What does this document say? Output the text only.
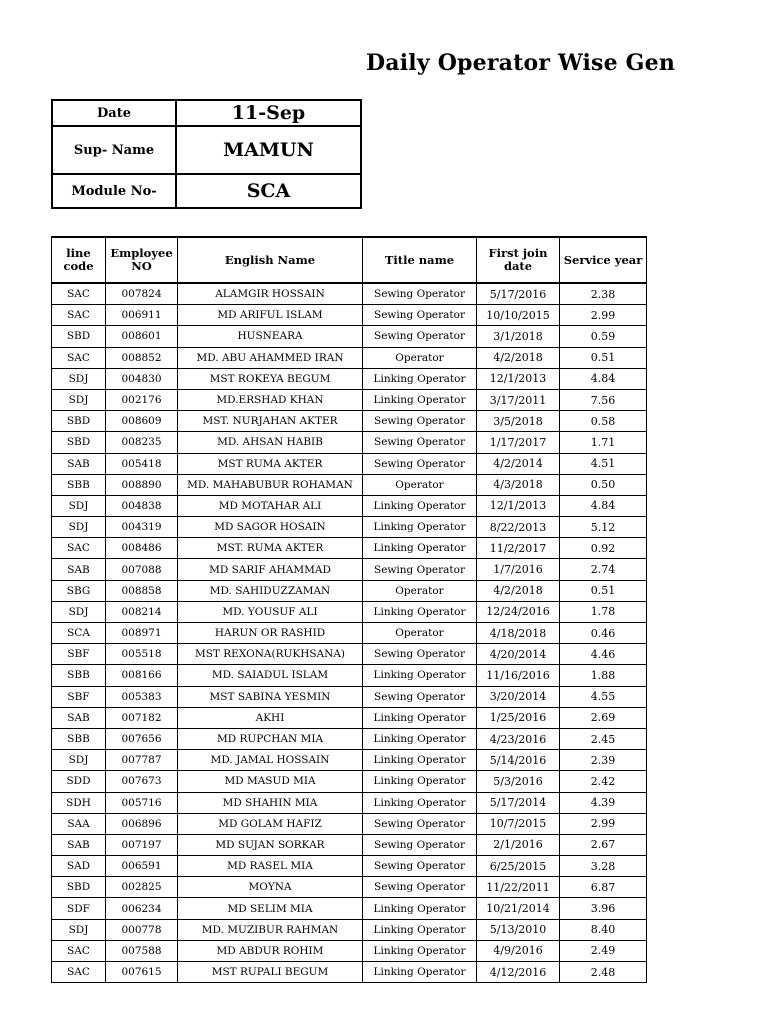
Daily Operator Wise Gen
Date	11-Sep
Sup- Name	MAMUN
Module No-	SCA
line code	Employee NO	English Name	Title name	First join date	Service year
SAC	007824	ALAMGIR HOSSAIN	Sewing Operator	5/17/2016	2.38
SAC	006911	MD ARIFUL ISLAM	Sewing Operator	10/10/2015	2.99
SBD	008601	HUSNEARA	Sewing Operator	3/1/2018	0.59
SAC	008852	MD. ABU AHAMMED IRAN	Operator	4/2/2018	0.51
SDJ	004830	MST ROKEYA BEGUM	Linking Operator	12/1/2013	4.84
SDJ	002176	MD.ERSHAD KHAN	Linking Operator	3/17/2011	7.56
SBD	008609	MST. NURJAHAN AKTER	Sewing Operator	3/5/2018	0.58
SBD	008235	MD. AHSAN HABIB	Sewing Operator	1/17/2017	1.71
SAB	005418	MST RUMA AKTER	Sewing Operator	4/2/2014	4.51
SBB	008890	MD. MAHABUBUR ROHAMAN	Operator	4/3/2018	0.50
SDJ	004838	MD MOTAHAR ALI	Linking Operator	12/1/2013	4.84
SDJ	004319	MD SAGOR HOSAIN	Linking Operator	8/22/2013	5.12
SAC	008486	MST. RUMA AKTER	Linking Operator	11/2/2017	0.92
SAB	007088	MD SARIF AHAMMAD	Sewing Operator	1/7/2016	2.74
SBG	008858	MD. SAHIDUZZAMAN	Operator	4/2/2018	0.51
SDJ	008214	MD. YOUSUF ALI	Linking Operator	12/24/2016	1.78
SCA	008971	HARUN OR RASHID	Operator	4/18/2018	0.46
SBF	005518	MST REXONA(RUKHSANA)	Sewing Operator	4/20/2014	4.46
SBB	008166	MD. SAIADUL ISLAM	Linking Operator	11/16/2016	1.88
SBF	005383	MST SABINA YESMIN	Sewing Operator	3/20/2014	4.55
SAB	007182	AKHI	Linking Operator	1/25/2016	2.69
SBB	007656	MD RUPCHAN MIA	Linking Operator	4/23/2016	2.45
SDJ	007787	MD. JAMAL HOSSAIN	Linking Operator	5/14/2016	2.39
SDD	007673	MD MASUD MIA	Linking Operator	5/3/2016	2.42
SDH	005716	MD SHAHIN MIA	Linking Operator	5/17/2014	4.39
SAA	006896	MD GOLAM HAFIZ	Sewing Operator	10/7/2015	2.99
SAB	007197	MD SUJAN SORKAR	Sewing Operator	2/1/2016	2.67
SAD	006591	MD RASEL MIA	Sewing Operator	6/25/2015	3.28
SBD	002825	MOYNA	Sewing Operator	11/22/2011	6.87
SDF	006234	MD SELIM MIA	Linking Operator	10/21/2014	3.96
SDJ	000778	MD. MUZIBUR RAHMAN	Linking Operator	5/13/2010	8.40
SAC	007588	MD ABDUR ROHIM	Linking Operator	4/9/2016	2.49
SAC	007615	MST RUPALI BEGUM	Linking Operator	4/12/2016	2.48
